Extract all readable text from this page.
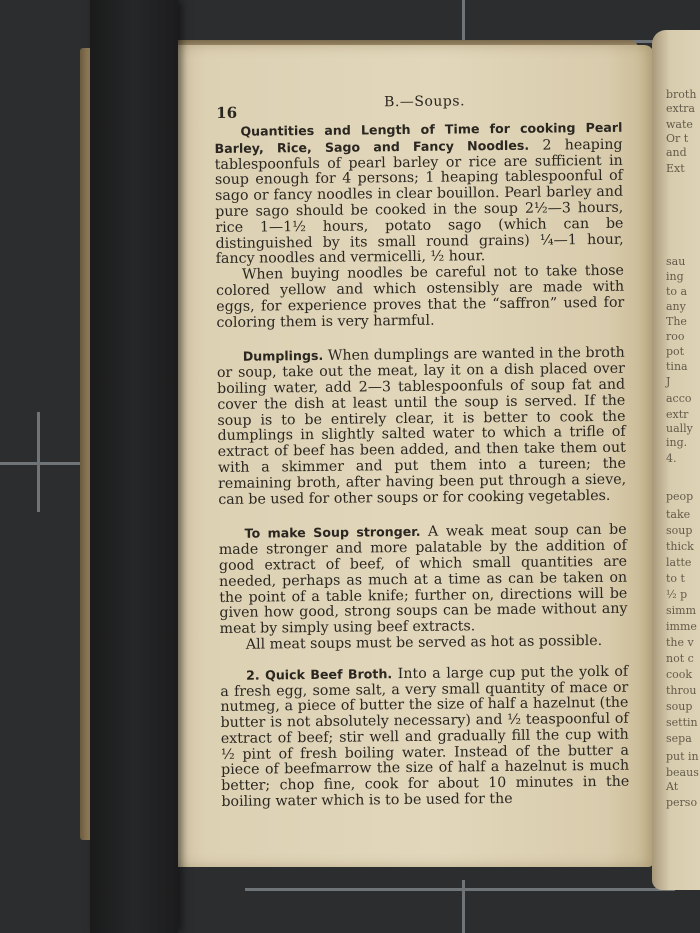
broth
extra
wate
Or t
and
Ext
sau
ing
to a
any
The
roo
pot
tina
J
acco
extr
ually
ing.
4.
peop
take
soup
thick
latte
to t
½ p
simm
imme
the v
not c
cook
throu
soup
settin
sepa
put in
beaus
At
perso
16
B.—Soups.

Quantities and Length of Time for cooking Pearl Barley, Rice, Sago and Fancy Noodles. 2 heaping tablespoonfuls of pearl barley or rice are sufficient in soup enough for 4 persons; 1 heaping tablespoonful of sago or fancy noodles in clear bouillon. Pearl barley and pure sago should be cooked in the soup 2½—3 hours, rice 1—1½ hours, potato sago (which can be distinguished by its small round grains) ¼—1 hour, fancy noodles and vermicelli, ½ hour.

When buying noodles be careful not to take those colored yellow and which ostensibly are made with eggs, for experience proves that the “saffron” used for coloring them is very harmful.

Dumplings. When dumplings are wanted in the broth or soup, take out the meat, lay it on a dish placed over boiling water, add 2—3 tablespoonfuls of soup fat and cover the dish at least until the soup is served. If the soup is to be entirely clear, it is better to cook the dumplings in slightly salted water to which a trifle of extract of beef has been added, and then take them out with a skimmer and put them into a tureen; the remaining broth, after having been put through a sieve, can be used for other soups or for cooking vegetables.

To make Soup stronger. A weak meat soup can be made stronger and more palatable by the addition of good extract of beef, of which small quantities are needed, perhaps as much at a time as can be taken on the point of a table knife; further on, directions will be given how good, strong soups can be made without any meat by simply using beef extracts.

All meat soups must be served as hot as possible.

2. Quick Beef Broth. Into a large cup put the yolk of a fresh egg, some salt, a very small quantity of mace or nutmeg, a piece of butter the size of half a hazelnut (the butter is not absolutely necessary) and ½ teaspoonful of extract of beef; stir well and gradually fill the cup with ½ pint of fresh boiling water. Instead of the butter a piece of beefmarrow the size of half a hazelnut is much better; chop fine, cook for about 10 minutes in the boiling water which is to be used for the
